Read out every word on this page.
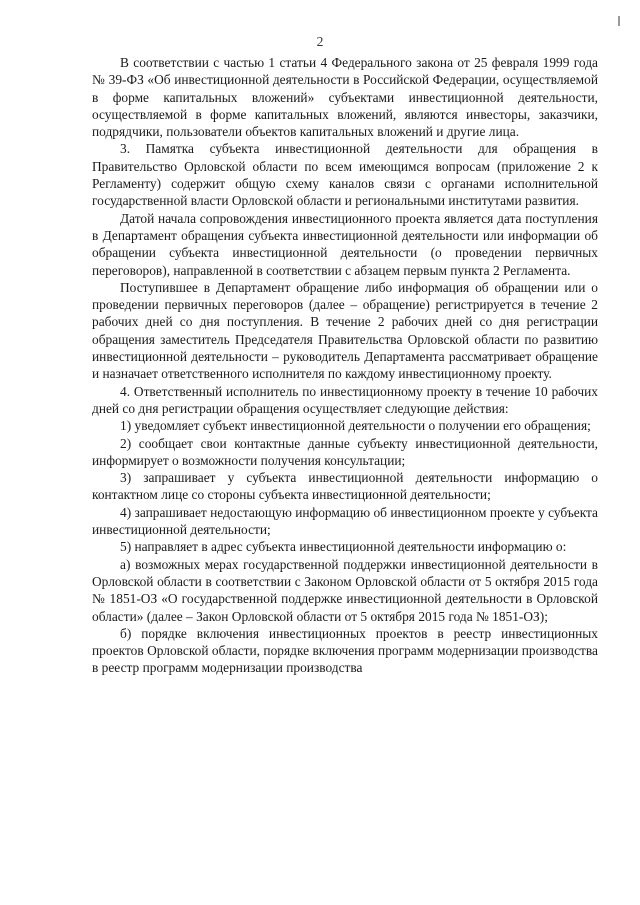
2

В соответствии с частью 1 статьи 4 Федерального закона от 25 февраля 1999 года № 39-ФЗ «Об инвестиционной деятельности в Российской Федерации, осуществляемой в форме капитальных вложений» субъектами инвестиционной деятельности, осуществляемой в форме капитальных вложений, являются инвесторы, заказчики, подрядчики, пользователи объектов капитальных вложений и другие лица.

3. Памятка субъекта инвестиционной деятельности для обращения в Правительство Орловской области по всем имеющимся вопросам (приложение 2 к Регламенту) содержит общую схему каналов связи с органами исполнительной государственной власти Орловской области и региональными институтами развития.

Датой начала сопровождения инвестиционного проекта является дата поступления в Департамент обращения субъекта инвестиционной деятельности или информации об обращении субъекта инвестиционной деятельности (о проведении первичных переговоров), направленной в соответствии с абзацем первым пункта 2 Регламента.

Поступившее в Департамент обращение либо информация об обращении или о проведении первичных переговоров (далее – обращение) регистрируется в течение 2 рабочих дней со дня поступления. В течение 2 рабочих дней со дня регистрации обращения заместитель Председателя Правительства Орловской области по развитию инвестиционной деятельности – руководитель Департамента рассматривает обращение и назначает ответственного исполнителя по каждому инвестиционному проекту.

4. Ответственный исполнитель по инвестиционному проекту в течение 10 рабочих дней со дня регистрации обращения осуществляет следующие действия:

1) уведомляет субъект инвестиционной деятельности о получении его обращения;

2) сообщает свои контактные данные субъекту инвестиционной деятельности, информирует о возможности получения консультации;

3) запрашивает у субъекта инвестиционной деятельности информацию о контактном лице со стороны субъекта инвестиционной деятельности;

4) запрашивает недостающую информацию об инвестиционном проекте у субъекта инвестиционной деятельности;

5) направляет в адрес субъекта инвестиционной деятельности информацию о:

а) возможных мерах государственной поддержки инвестиционной деятельности в Орловской области в соответствии с Законом Орловской области от 5 октября 2015 года № 1851-ОЗ «О государственной поддержке инвестиционной деятельности в Орловской области» (далее – Закон Орловской области от 5 октября 2015 года № 1851-ОЗ);

б) порядке включения инвестиционных проектов в реестр инвестиционных проектов Орловской области, порядке включения программ модернизации производства в реестр программ модернизации производства
